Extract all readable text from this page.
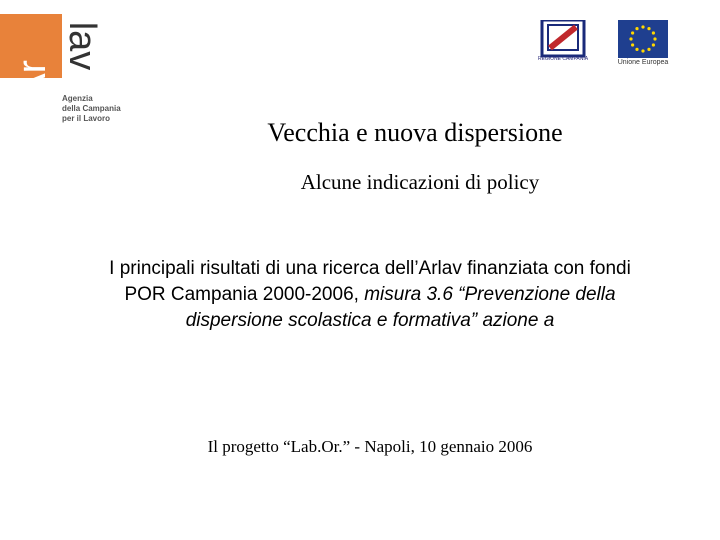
Ar
lav
Agenzia
della Campania
per il Lavoro
REGIONE CAMPANIA	Unione Europea
Vecchia e nuova dispersione
Alcune indicazioni di policy
I principali risultati di una ricerca dell’Arlav finanziata con fondi POR Campania 2000-2006, misura 3.6 “Prevenzione della dispersione scolastica e formativa” azione a
Il progetto “Lab.Or.” - Napoli, 10 gennaio 2006
